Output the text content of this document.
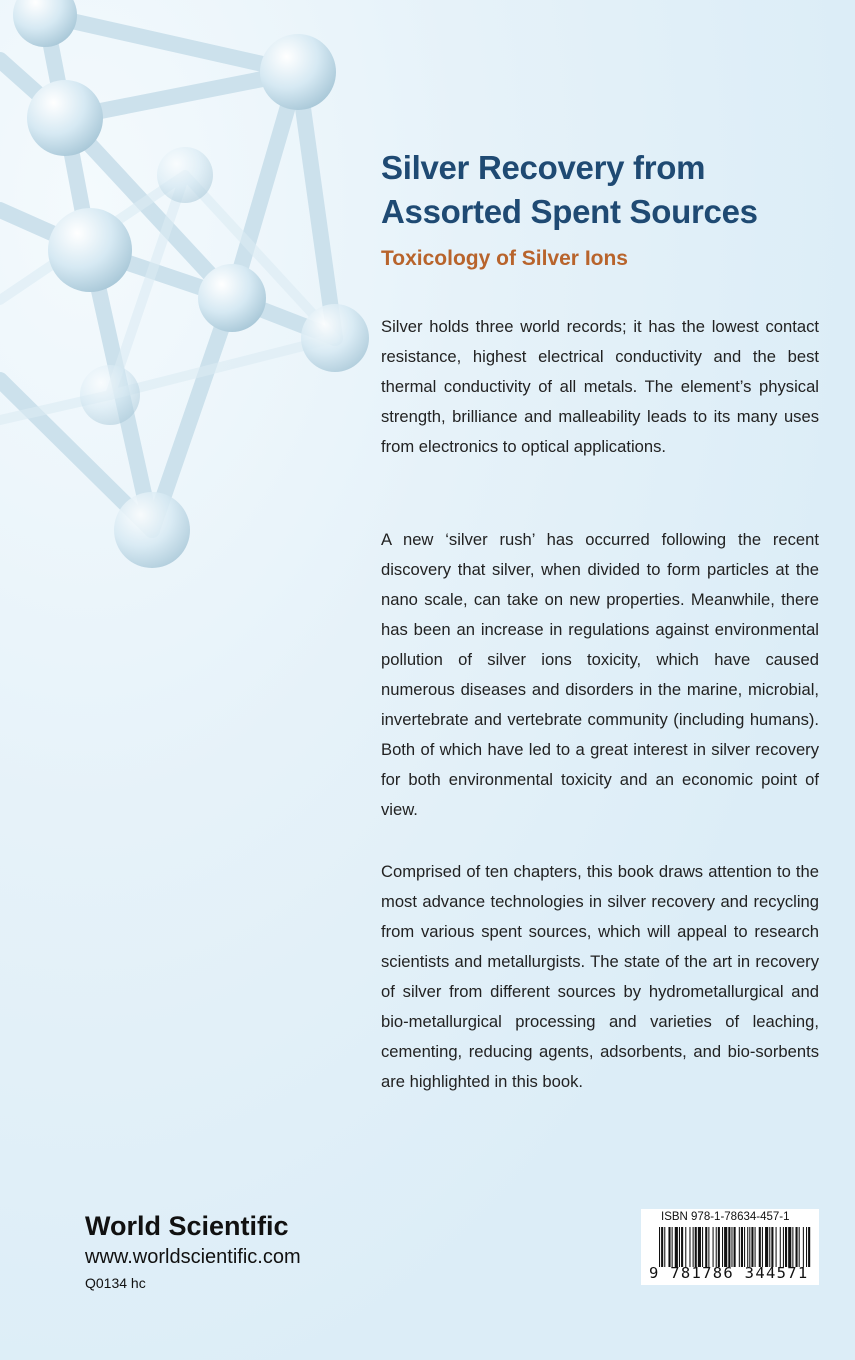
Silver Recovery from
Assorted Spent Sources
Toxicology of Silver Ions

Silver holds three world records; it has the lowest contact resistance, highest electrical conductivity and the best thermal conductivity of all metals. The element’s physical strength, brilliance and malleability leads to its many uses from electronics to optical applications.

A new ‘silver rush’ has occurred following the recent discovery that silver, when divided to form particles at the nano scale, can take on new properties. Meanwhile, there has been an increase in regulations against environmental pollution of silver ions toxicity, which have caused numerous diseases and disorders in the marine, microbial, invertebrate and vertebrate community (including humans). Both of which have led to a great interest in silver recovery for both environmental toxicity and an economic point of view.

Comprised of ten chapters, this book draws attention to the most advance technologies in silver recovery and recycling from various spent sources, which will appeal to research scientists and metallurgists. The state of the art in recovery of silver from different sources by hydrometallurgical and bio-metallurgical processing and varieties of leaching, cementing, reducing agents, adsorbents, and bio-sorbents are highlighted in this book.

World Scientific

www.worldscientific.com

Q0134 hc

ISBN 978-1-78634-457-1

9 781786 344571
